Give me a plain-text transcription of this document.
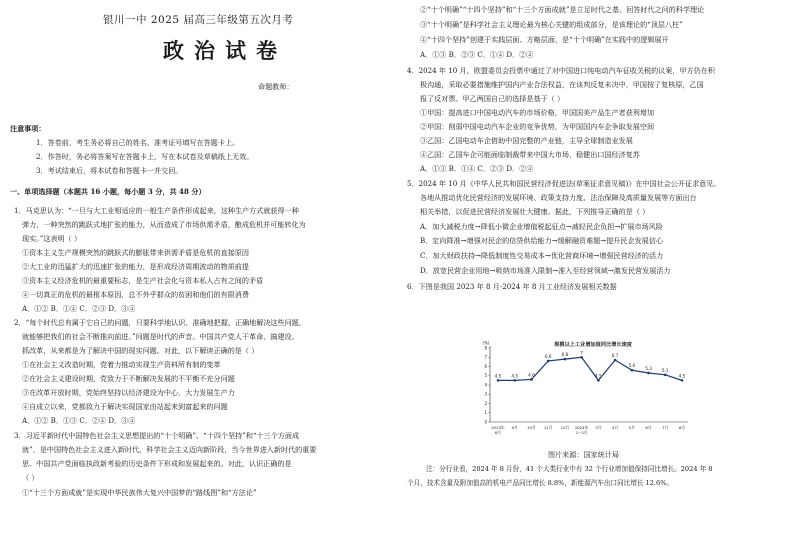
银川一中 2025 届高三年级第五次月考
政治试卷
命题教师：
注意事项：
1．答卷前，考生务必将自己的姓名、准考证号填写在答题卡上。
2．作答时，务必将答案写在答题卡上，写在本试卷及草稿纸上无效。
3．考试结束后，将本试卷和答题卡一并交回。
一、单项选择题（本题共 16 小题，每小题 3 分，共 48 分）
1．马克思认为：“一旦与大工业相适应的一般生产条件形成起来，这种生产方式就获得一种
弹力，一种突然的跳跃式地扩张的能力，从而造成了市场供需矛盾，酿成危机并可能转化为
现实。”这表明（ ）
①资本主义生产规模突然的跳跃式的膨胀带来供需矛盾是危机的直接原因
②大工业的迅猛扩大的迅速扩张的能力，是形成经济周期波动的物质前提
③资本主义经济危机的最重要标志，是生产社会化与资本私人占有之间的矛盾
④一切真正的危机的最根本原因，总不外乎群众的贫困和他们的有限消费
A．①② B．①④ C．②③ D．③④
2．“每个时代总有属于它自己的问题，只要科学地认识、准确地把握、正确地解决这些问题，
就能够把我们的社会不断推向前进。”问题是时代的声音。中国共产党人干革命、搞建设、
抓改革，从来都是为了解决中国的现实问题。对此，以下解读正确的是（ ）
①在社会主义改造时期，党着力推动实现生产资料所有制的变革
②在社会主义建设时期，党致力于不断解决发展的不平衡不充分问题
③在改革开放时期，党始终坚持以经济建设为中心，大力发展生产力
④自成立以来，党都致力于解决实现国家由站起来到富起来的问题
A．①② B．①③ C．②④ D．③④
3．习近平新时代中国特色社会主义思想提出的“十个明确”、“十四个坚持”和“十三个方面成
就”，是中国特色社会主义进入新时代、科学社会主义迈向新阶段，当今世界进入新时代的重要
思、中国共产党面临执政新考验的历史条件下形成和发展起来的。对此，认识正确的是
（ ）
①“十三个方面成就”是实现中华民族伟大复兴中国梦的“路线图”和“方法论”
②“十个明确”“十四个坚持”和“十三个方面成就”是立足时代之基、回答时代之问的科学理论
③“十个明确”是科学社会主义理论最为核心关键的组成部分，是该理论的“顶层八柱”
④“十四个坚持”创建于实践层面、方略层面，是“十个明确”在实践中的逻辑展开
A．①③ B．②③ C．①④ D．②④
4．2024 年 10 月，欧盟委员会投票中通过了对中国进口纯电动汽车征收关税的议案，甲方仍在积
极沟通，采取必要措施维护国内产业合法权益，在谈判反复未决中，甲国按了复核原，乙国
报了反对票。甲乙两国自己的选择是基于（ ）
①甲国：提高进口中国电动汽车的市场价格，甲国国美产品生产者获利增加
②甲国：削弱中国电动汽车企业的竞争优势，为甲国国内车企争取发展空间
③乙国：乙国电动车企借助中国完整的产业链，主导全球制造业发展
④乙国：乙国车企可能面临制裁带来中国大市场，稳健出口国经济复苏
A．①③ B．①④ C．②③ D．②④
5．2024 年 10 月《中华人民共和国民营经济促进法(草案征求意见稿)》在中国社会公开征求意见。
各地从推动优化民营经济的发展环境、政策支持力度、法治保障及高质量发展等方面出台
相关举措，以促进民营经济发展壮大健康。据此，下列推导正确的是（ ）
A．加大减税力度→降低小微企业增值税起征点→减轻民企负担→扩展市场风险
B．定向降准→增强对民企的信贷供给能力→缓解融资难题→提升民企发展信心
C．加大财政扶持→降低制度性交易成本→优化营商环境→增强民营经济的活力
D．放宽民营企业用地→吸纳市场准入限制→准入至经营领域→激发民营发展活力
6．下图是我国 2023 年 8 月-2024 年 8 月工业经济发展相关数据
规模以上工业增加值同比增长速度
(%)
0
1
2
3
4
5
6
7
8
2023年
8月
9月 10月 11月 12月 2024年
1~2月
3月	4月	5月	6月	7月	8月
4.5 4.5 4.6
6.6 6.8	7
4.5
6.7
5.6
5.3 5.1
4.5
图片来源：国家统计局
注：分行业看，2024 年 8 月份，41 个大类行业中有 32 个行业增加值保持同比增长。2024 年 8
个月，技术含量及附加值高的机电产品同比增长 8.8%，新能源汽车出口同比增长 12.6%。
